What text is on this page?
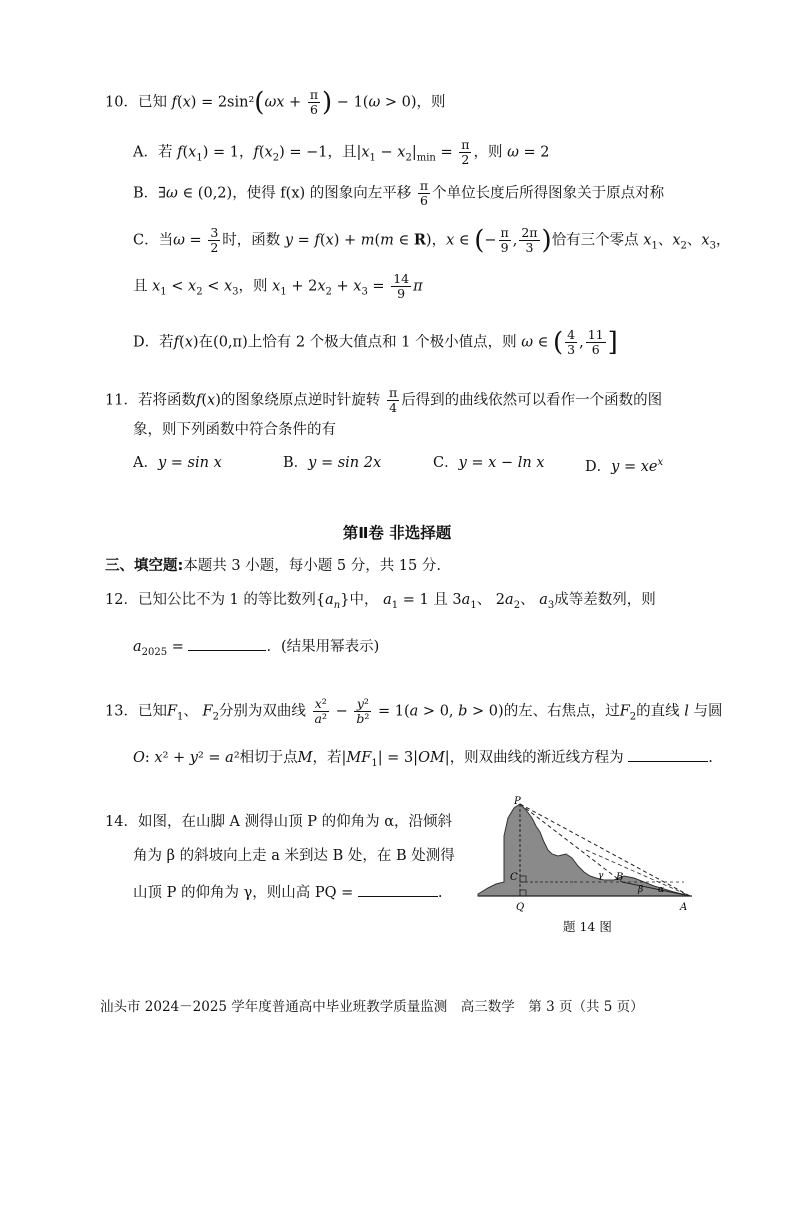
10．已知 $f(x) = 2\sin^2(\omega x + \frac{\pi}{6}$ ) − 1(ω > 0)，则
A．若 $f(x_1) = 1$，$f(x_2) = -1$，且$|x_1 - x_2|_{min} = \frac{\pi}{2}$ ，则 ω = 2
B．∃ω ∈ (0,2)，使得 f(x) 的图象向左平移 $\frac{\pi}{6}$ 个单位长度后所得图象关于原点对称
C．当$\omega = \frac{3}{2}$ 时，函数 y = f(x) + m(m ∈ R)，x ∈ (− $\frac{\pi}{9}$ , $\frac{2\pi}{3}$ )恰有三个零点 $x_1$、$x_2$、$x_3$，
且 $x_1 < x_2 < x_3$，则 $x_1 + 2x_2 + x_3 = \frac{14}{9}$ π
D．若f(x)在(0,π)上恰有 2 个极大值点和 1 个极小值点，则 ω ∈ ( $\frac{4}{3}$ , $\frac{11}{6}$ ]
11．若将函数f(x)的图象绕原点逆时针旋转 $\frac{\pi}{4}$ 后得到的曲线依然可以看作一个函数的图
象，则下列函数中符合条件的有
A．y = sin x	B．y = sin 2x	C．y = x − ln x	D．$y = xe^x$
第Ⅱ卷 非选择题
三、填空题:本题共 3 小题，每小题 5 分，共 15 分.
12．已知公比不为 1 的等比数列$\{a_n\}$中， $a_1 = 1$ 且 $3a_1$、 $2a_2$、 $a_3$成等差数列，则
$a_{2025}$ =	．(结果用幂表示)
13．已知$F_1$、 $F_2$分别为双曲线 $\frac{\text{x²}}{\text{a²}} - \frac{\text{y²}}{\text{b²}} = 1(a > 0$, b > 0)的左、右焦点，过$F_2$的直线 l 与圆
O: x² + y² = a²相切于点M，若$|MF_1| = 3|OM|$，则双曲线的渐近线方程为	.
14．如图，在山脚 A 测得山顶 P 的仰角为 α，沿倾斜
角为 β 的斜坡向上走 a 米到达 B 处，在 B 处测得
山顶 P 的仰角为 γ，则山高 PQ =	.
P
C
Q
B
A
γ
β α
题 14 图
汕头市 2024－2025 学年度普通高中毕业班教学质量监测　高三数学　第 3 页（共 5 页）
